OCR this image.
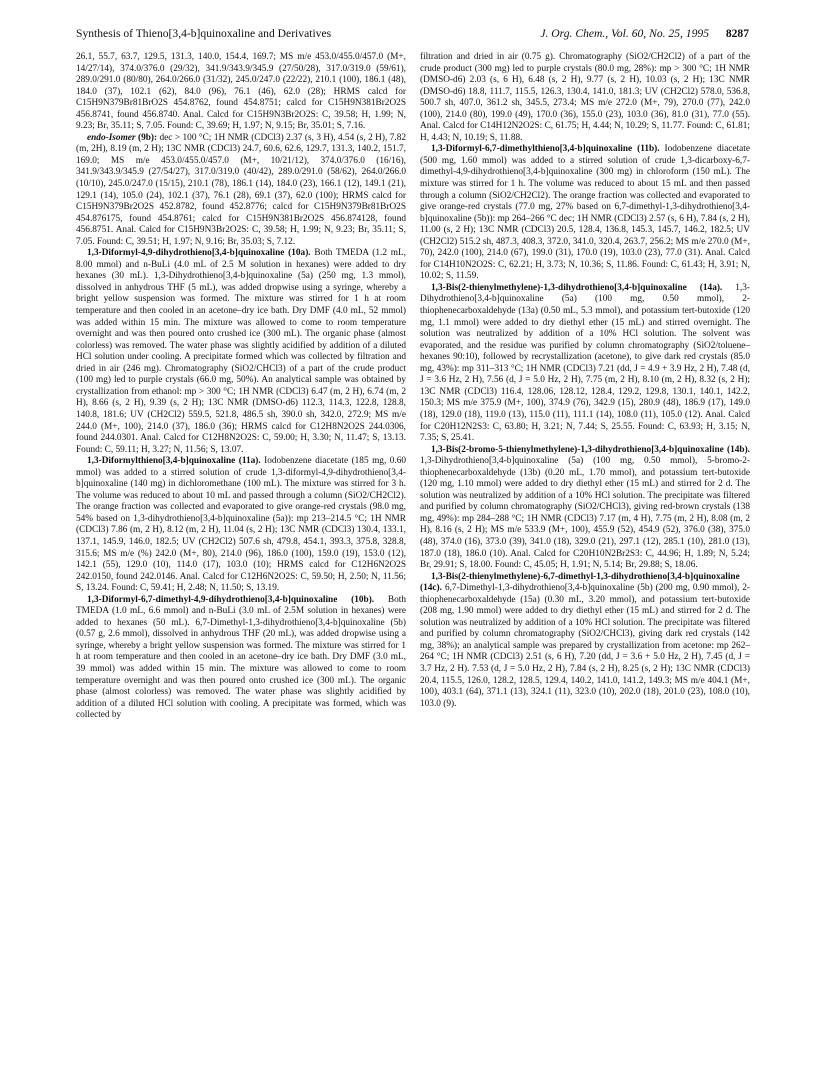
Synthesis of Thieno[3,4-b]quinoxaline and Derivatives	J. Org. Chem., Vol. 60, No. 25, 1995 8287

26.1, 55.7, 63.7, 129.5, 131.3, 140.0, 154.4, 169.7; MS m/e 453.0/455.0/457.0 (M+, 14/27/14), 374.0/376.0 (29/32), 341.9/343.9/345.9 (27/50/28), 317.0/319.0 (59/61), 289.0/291.0 (80/80), 264.0/266.0 (31/32), 245.0/247.0 (22/22), 210.1 (100), 186.1 (48), 184.0 (37), 102.1 (62), 84.0 (96), 76.1 (46), 62.0 (28); HRMS calcd for C15H9N379Br81BrO2S 454.8762, found 454.8751; calcd for C15H9N381Br2O2S 456.8741, found 456.8740. Anal. Calcd for C15H9N3Br2O2S: C, 39.58; H, 1.99; N, 9.23; Br, 35.11; S, 7.05. Found: C, 39.69; H, 1.97; N, 9.15; Br, 35.01; S, 7.16.

endo-Isomer (9b): dec > 100 °C; 1H NMR (CDCl3) 2.37 (s, 3 H), 4.54 (s, 2 H), 7.82 (m, 2H), 8.19 (m, 2 H); 13C NMR (CDCl3) 24.7, 60.6, 62.6, 129.7, 131.3, 140.2, 151.7, 169.0; MS m/e 453.0/455.0/457.0 (M+, 10/21/12), 374.0/376.0 (16/16), 341.9/343.9/345.9 (27/54/27), 317.0/319.0 (40/42), 289.0/291.0 (58/62), 264.0/266.0 (10/10), 245.0/247.0 (15/15), 210.1 (78), 186.1 (14), 184.0 (23), 166.1 (12), 149.1 (21), 129.1 (14), 105.0 (24), 102.1 (37), 76.1 (28), 69.1 (37), 62.0 (100); HRMS calcd for C15H9N379Br2O2S 452.8782, found 452.8776; calcd for C15H9N379Br81BrO2S 454.876175, found 454.8761; calcd for C15H9N381Br2O2S 456.874128, found 456.8751. Anal. Calcd for C15H9N3Br2O2S: C, 39.58; H, 1.99; N, 9.23; Br, 35.11; S, 7.05. Found: C, 39.51; H, 1.97; N, 9.16; Br, 35.03; S, 7.12.

1,3-Diformyl-4,9-dihydrothieno[3,4-b]quinoxaline (10a). Both TMEDA (1.2 mL, 8.00 mmol) and n-BuLi (4.0 mL of 2.5 M solution in hexanes) were added to dry hexanes (30 mL). 1,3-Dihydrothieno[3,4-b]quinoxaline (5a) (250 mg, 1.3 mmol), dissolved in anhydrous THF (5 mL), was added dropwise using a syringe, whereby a bright yellow suspension was formed. The mixture was stirred for 1 h at room temperature and then cooled in an acetone–dry ice bath. Dry DMF (4.0 mL, 52 mmol) was added within 15 min. The mixture was allowed to come to room temperature overnight and was then poured onto crushed ice (300 mL). The organic phase (almost colorless) was removed. The water phase was slightly acidified by addition of a diluted HCl solution under cooling. A precipitate formed which was collected by filtration and dried in air (246 mg). Chromatography (SiO2/CHCl3) of a part of the crude product (100 mg) led to purple crystals (66.0 mg, 50%). An analytical sample was obtained by crystallization from ethanol: mp > 300 °C; 1H NMR (CDCl3) 6.47 (m, 2 H), 6.74 (m, 2 H), 8.66 (s, 2 H), 9.39 (s, 2 H); 13C NMR (DMSO-d6) 112.3, 114.3, 122.8, 128.8, 140.8, 181.6; UV (CH2Cl2) 559.5, 521.8, 486.5 sh, 390.0 sh, 342.0, 272.9; MS m/e 244.0 (M+, 100), 214.0 (37), 186.0 (36); HRMS calcd for C12H8N2O2S 244.0306, found 244.0301. Anal. Calcd for C12H8N2O2S: C, 59.00; H, 3.30; N, 11.47; S, 13.13. Found: C, 59.11; H, 3.27; N, 11.56; S, 13.07.

1,3-Diformylthieno[3,4-b]quinoxaline (11a). Iodobenzene diacetate (185 mg, 0.60 mmol) was added to a stirred solution of crude 1,3-diformyl-4,9-dihydrothieno[3,4-b]quinoxaline (140 mg) in dichloromethane (100 mL). The mixture was stirred for 3 h. The volume was reduced to about 10 mL and passed through a column (SiO2/CH2Cl2). The orange fraction was collected and evaporated to give orange-red crystals (98.0 mg, 54% based on 1,3-dihydrothieno[3,4-b]quinoxaline (5a)): mp 213–214.5 °C; 1H NMR (CDCl3) 7.86 (m, 2 H), 8.12 (m, 2 H), 11.04 (s, 2 H); 13C NMR (CDCl3) 130.4, 133.1, 137.1, 145.9, 146.0, 182.5; UV (CH2Cl2) 507.6 sh, 479.8, 454.1, 393.3, 375.8, 328.8, 315.6; MS m/e (%) 242.0 (M+, 80), 214.0 (96), 186.0 (100), 159.0 (19), 153.0 (12), 142.1 (55), 129.0 (10), 114.0 (17), 103.0 (10); HRMS calcd for C12H6N2O2S 242.0150, found 242.0146. Anal. Calcd for C12H6N2O2S: C, 59.50; H, 2.50; N, 11.56; S, 13.24. Found: C, 59.41; H, 2.48; N, 11.50; S, 13.19.

1,3-Diformyl-6,7-dimethyl-4,9-dihydrothieno[3,4-b]quinoxaline (10b). Both TMEDA (1.0 mL, 6.6 mmol) and n-BuLi (3.0 mL of 2.5M solution in hexanes) were added to hexanes (50 mL). 6,7-Dimethyl-1,3-dihydrothieno[3,4-b]quinoxaline (5b) (0.57 g, 2.6 mmol), dissolved in anhydrous THF (20 mL), was added dropwise using a syringe, whereby a bright yellow suspension was formed. The mixture was stirred for 1 h at room temperature and then cooled in an acetone–dry ice bath. Dry DMF (3.0 mL, 39 mmol) was added within 15 min. The mixture was allowed to come to room temperature overnight and was then poured onto crushed ice (300 mL). The organic phase (almost colorless) was removed. The water phase was slightly acidified by addition of a diluted HCl solution with cooling. A precipitate was formed, which was collected by

filtration and dried in air (0.75 g). Chromatography (SiO2/CH2Cl2) of a part of the crude product (300 mg) led to purple crystals (80.0 mg, 28%): mp > 300 °C; 1H NMR (DMSO-d6) 2.03 (s, 6 H), 6.48 (s, 2 H), 9.77 (s, 2 H), 10.03 (s, 2 H); 13C NMR (DMSO-d6) 18.8, 111.7, 115.5, 126.3, 130.4, 141.0, 181.3; UV (CH2Cl2) 578.0, 536.8, 500.7 sh, 407.0, 361.2 sh, 345.5, 273.4; MS m/e 272.0 (M+, 79), 270.0 (77), 242.0 (100), 214.0 (80), 199.0 (49), 170.0 (36), 155.0 (23), 103.0 (36), 81.0 (31), 77.0 (55). Anal. Calcd for C14H12N2O2S: C, 61.75; H, 4.44; N, 10.29; S, 11.77. Found: C, 61.81; H, 4.43; N, 10.19; S, 11.88.

1,3-Diformyl-6,7-dimethylthieno[3,4-b]quinoxaline (11b). Iodobenzene diacetate (500 mg, 1.60 mmol) was added to a stirred solution of crude 1,3-dicarboxy-6,7-dimethyl-4,9-dihydrothieno[3,4-b]quinoxaline (300 mg) in chloroform (150 mL). The mixture was stirred for 1 h. The volume was reduced to about 15 mL and then passed through a column (SiO2/CH2Cl2). The orange fraction was collected and evaporated to give orange-red crystals (77.0 mg, 27% based on 6,7-dimethyl-1,3-dihydrothieno[3,4-b]quinoxaline (5b)): mp 264–266 °C dec; 1H NMR (CDCl3) 2.57 (s, 6 H), 7.84 (s, 2 H), 11.00 (s, 2 H); 13C NMR (CDCl3) 20.5, 128.4, 136.8, 145.3, 145.7, 146.2, 182.5; UV (CH2Cl2) 515.2 sh, 487.3, 408.3, 372.0, 341.0, 320.4, 263.7, 256.2; MS m/e 270.0 (M+, 70), 242.0 (100), 214.0 (67), 199.0 (31), 170.0 (19), 103.0 (23), 77.0 (31). Anal. Calcd for C14H10N2O2S: C, 62.21; H, 3.73; N, 10.36; S, 11.86. Found: C, 61.43; H, 3.91; N, 10.02; S, 11.59.

1,3-Bis(2-thienylmethylene)-1,3-dihydrothieno[3,4-b]quinoxaline (14a). 1,3-Dihydrothieno[3,4-b]quinoxaline (5a) (100 mg, 0.50 mmol), 2-thiophenecarboxaldehyde (13a) (0.50 mL, 5.3 mmol), and potassium tert-butoxide (120 mg, 1.1 mmol) were added to dry diethyl ether (15 mL) and stirred overnight. The solution was neutralized by addition of a 10% HCl solution. The solvent was evaporated, and the residue was purified by column chromatography (SiO2/toluene–hexanes 90:10), followed by recrystallization (acetone), to give dark red crystals (85.0 mg, 43%): mp 311–313 °C; 1H NMR (CDCl3) 7.21 (dd, J = 4.9 + 3.9 Hz, 2 H), 7.48 (d, J = 3.6 Hz, 2 H), 7.56 (d, J = 5.0 Hz, 2 H), 7.75 (m, 2 H), 8.10 (m, 2 H), 8.32 (s, 2 H); 13C NMR (CDCl3) 116.4, 128.06, 128.12, 128.4, 129.2, 129.8, 130.1, 140.1, 142.2, 150.3; MS m/e 375.9 (M+, 100), 374.9 (76), 342.9 (15), 280.9 (48), 186.9 (17), 149.0 (18), 129.0 (18), 119.0 (13), 115.0 (11), 111.1 (14), 108.0 (11), 105.0 (12). Anal. Calcd for C20H12N2S3: C, 63.80; H, 3.21; N, 7.44; S, 25.55. Found: C, 63.93; H, 3.15; N, 7.35; S, 25.41.

1,3-Bis(2-bromo-5-thienylmethylene)-1,3-dihydrothieno[3,4-b]quinoxaline (14b). 1,3-Dihydrothieno[3,4-b]quinoxaline (5a) (100 mg, 0.50 mmol), 5-bromo-2-thiophenecarboxaldehyde (13b) (0.20 mL, 1.70 mmol), and potassium tert-butoxide (120 mg, 1.10 mmol) were added to dry diethyl ether (15 mL) and stirred for 2 d. The solution was neutralized by addition of a 10% HCl solution. The precipitate was filtered and purified by column chromatography (SiO2/CHCl3), giving red-brown crystals (138 mg, 49%): mp 284–288 °C; 1H NMR (CDCl3) 7.17 (m, 4 H), 7.75 (m, 2 H), 8.08 (m, 2 H), 8.16 (s, 2 H); MS m/e 533.9 (M+, 100), 455.9 (52), 454.9 (52), 376.0 (38), 375.0 (48), 374.0 (16), 373.0 (39), 341.0 (18), 329.0 (21), 297.1 (12), 285.1 (10), 281.0 (13), 187.0 (18), 186.0 (10). Anal. Calcd for C20H10N2Br2S3: C, 44.96; H, 1.89; N, 5.24; Br, 29.91; S, 18.00. Found: C, 45.05; H, 1.91; N, 5.14; Br, 29.88; S, 18.06.

1,3-Bis(2-thienylmethylene)-6,7-dimethyl-1,3-dihydrothieno[3,4-b]quinoxaline (14c). 6,7-Dimethyl-1,3-dihydrothieno[3,4-b]quinoxaline (5b) (200 mg, 0.90 mmol), 2-thiophenecarboxaldehyde (15a) (0.30 mL, 3.20 mmol), and potassium tert-butoxide (208 mg, 1.90 mmol) were added to dry diethyl ether (15 mL) and stirred for 2 d. The solution was neutralized by addition of a 10% HCl solution. The precipitate was filtered and purified by column chromatography (SiO2/CHCl3), giving dark red crystals (142 mg, 38%); an analytical sample was prepared by crystallization from acetone: mp 262–264 °C; 1H NMR (CDCl3) 2.51 (s, 6 H), 7.20 (dd, J = 3.6 + 5.0 Hz, 2 H), 7.45 (d, J = 3.7 Hz, 2 H). 7.53 (d, J = 5.0 Hz, 2 H), 7.84 (s, 2 H), 8.25 (s, 2 H); 13C NMR (CDCl3) 20.4, 115.5, 126.0, 128.2, 128.5, 129.4, 140.2, 141.0, 141.2, 149.3; MS m/e 404.1 (M+, 100), 403.1 (64), 371.1 (13), 324.1 (11), 323.0 (10), 202.0 (18), 201.0 (23), 108.0 (10), 103.0 (9).
